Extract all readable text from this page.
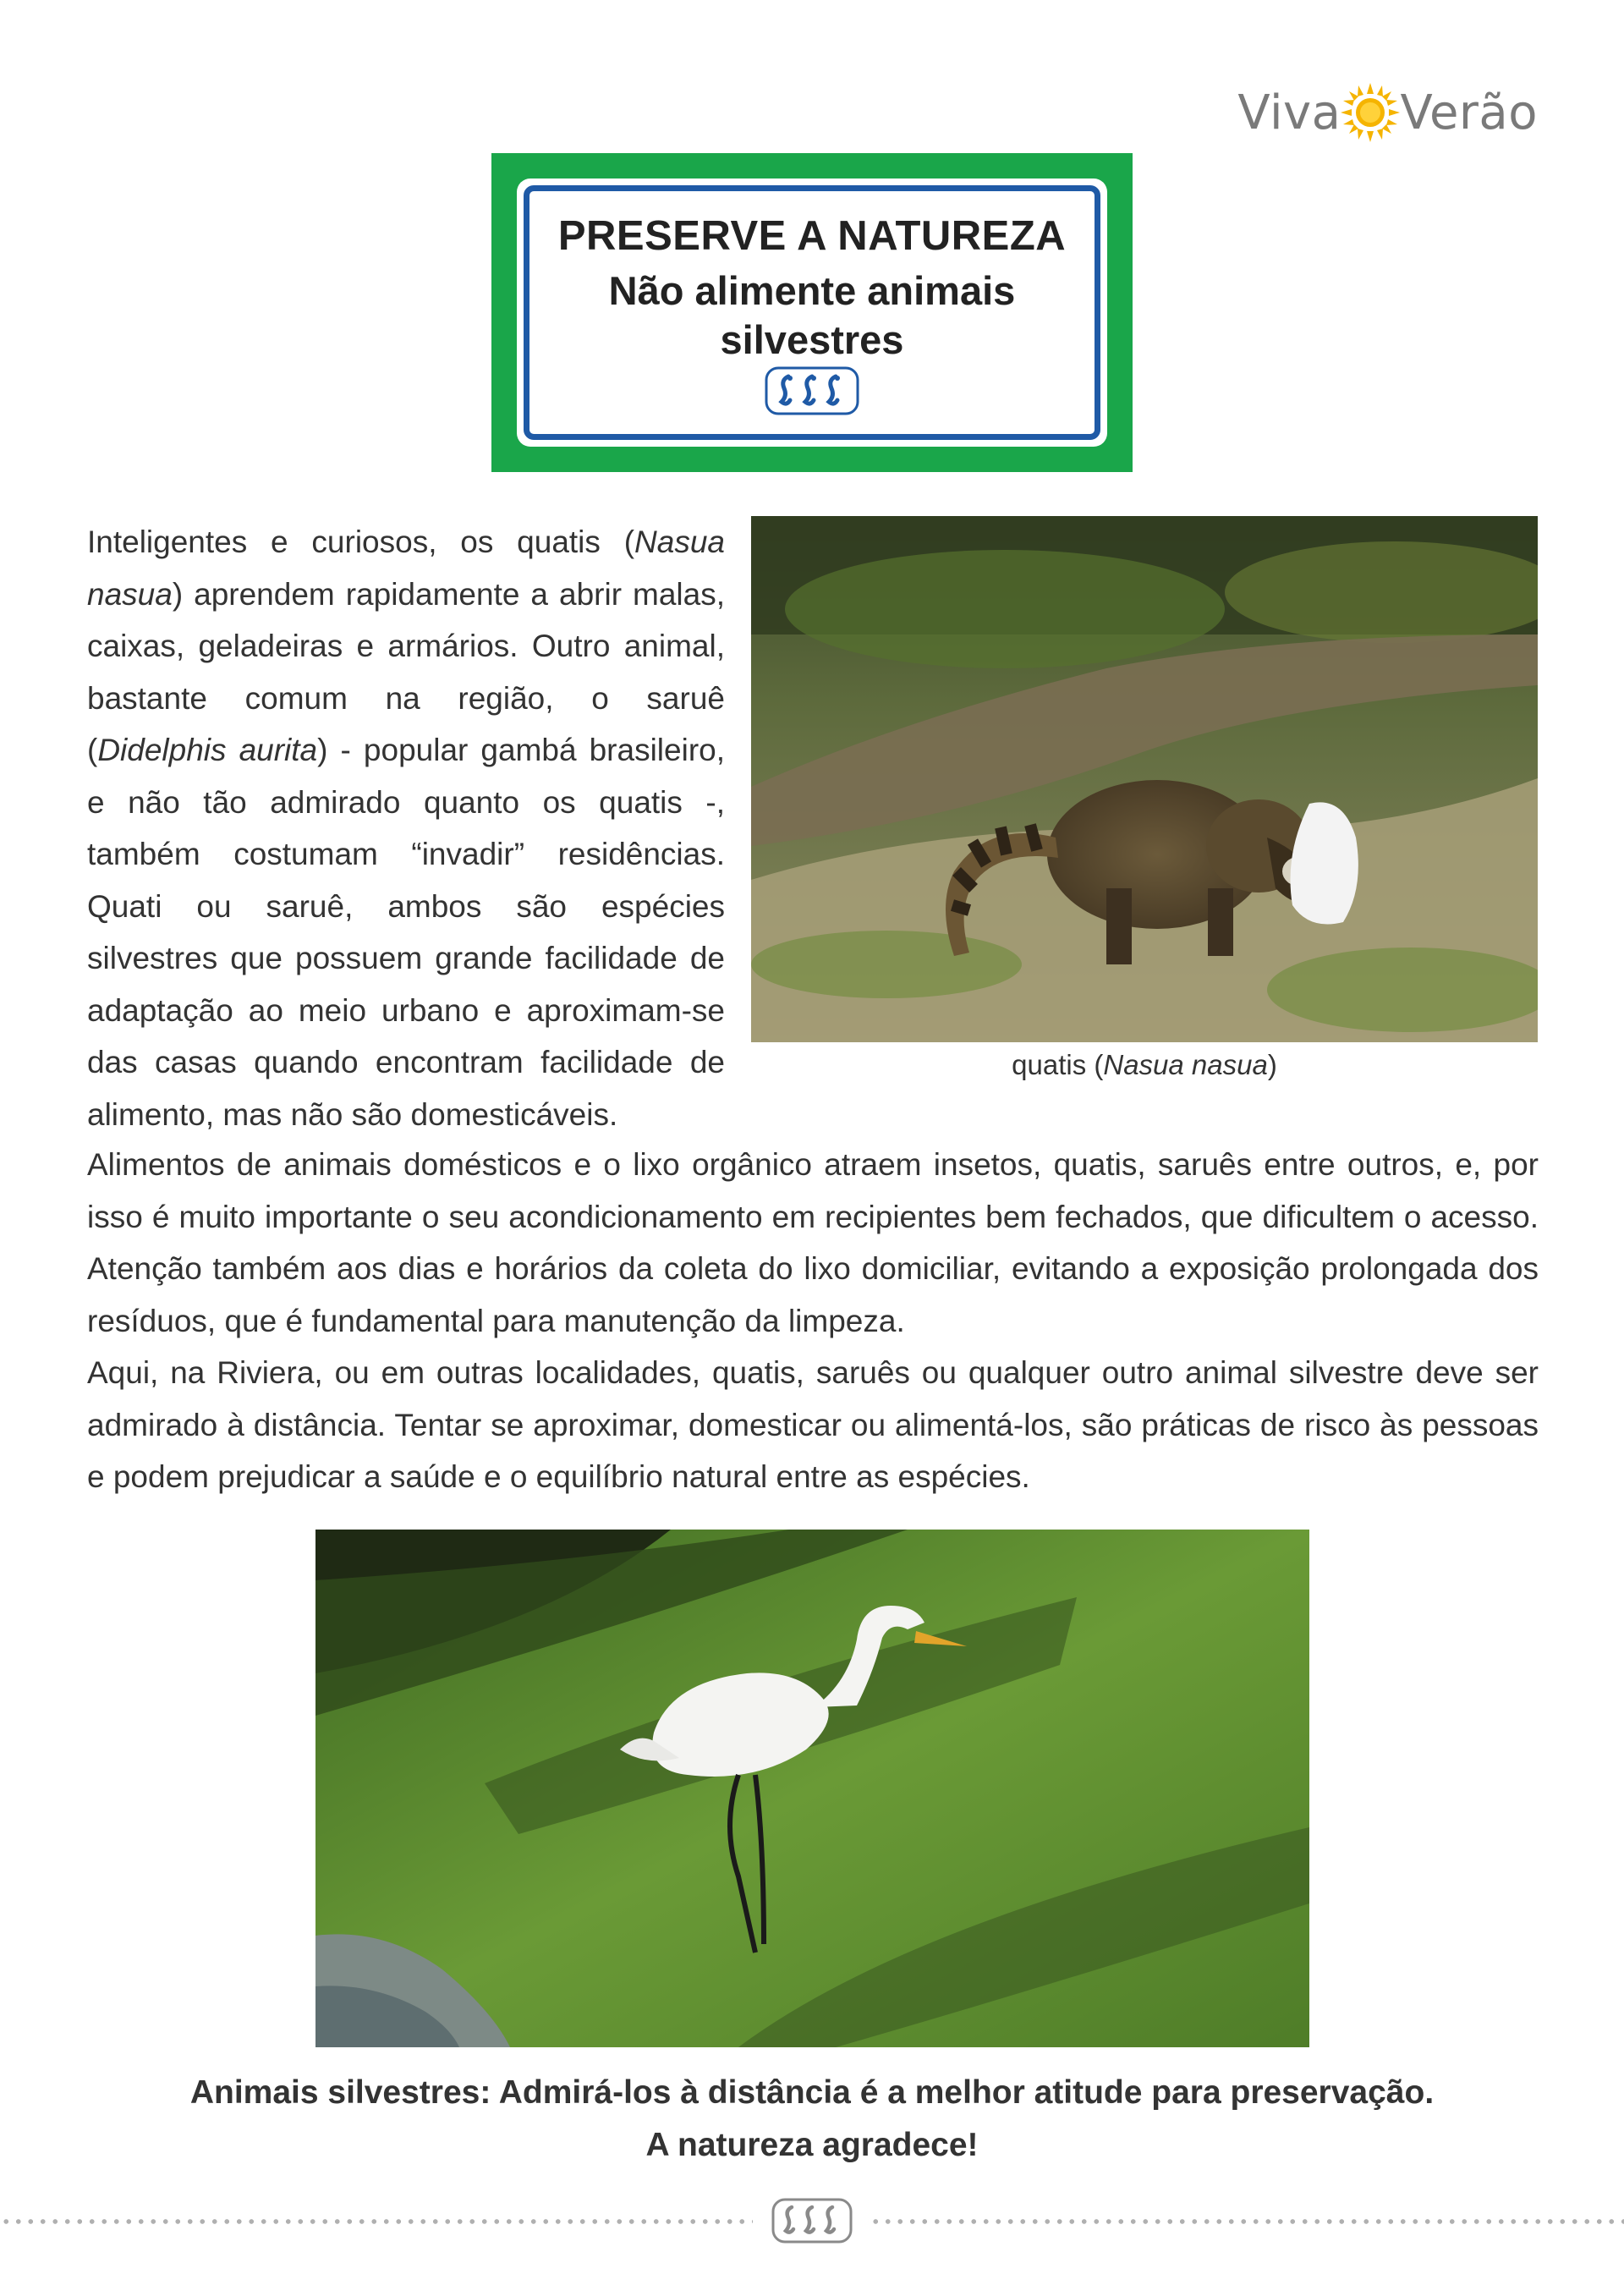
Viva Verão
PRESERVE A NATUREZA
Não alimente animais
silvestres
Inteligentes e curiosos, os quatis (Nasua nasua) aprendem rapidamente a abrir malas, caixas, geladeiras e armários. Outro animal, bastante comum na região, o saruê (Didelphis aurita) - popular gambá brasileiro, e não tão admirado quanto os quatis -, também costumam “invadir” residências. Quati ou saruê, ambos são espécies silvestres que possuem grande facilidade de adaptação ao meio urbano e aproximam-se das casas quando encontram facilidade de alimento, mas não são domesticáveis.
quatis (Nasua nasua)
Alimentos de animais domésticos e o lixo orgânico atraem insetos, quatis, saruês entre outros, e, por isso é muito importante o seu acondicionamento em recipientes bem fechados, que dificultem o acesso. Atenção também aos dias e horários da coleta do lixo domiciliar, evitando a exposição prolongada dos resíduos, que é fundamental para manutenção da limpeza.
Aqui, na Riviera, ou em outras localidades, quatis, saruês ou qualquer outro animal silvestre deve ser admirado à distância. Tentar se aproximar, domesticar ou alimentá-los, são práticas de risco às pessoas e podem prejudicar a saúde e o equilíbrio natural entre as espécies.
Animais silvestres: Admirá-los à distância é a melhor atitude para preservação.
A natureza agradece!
